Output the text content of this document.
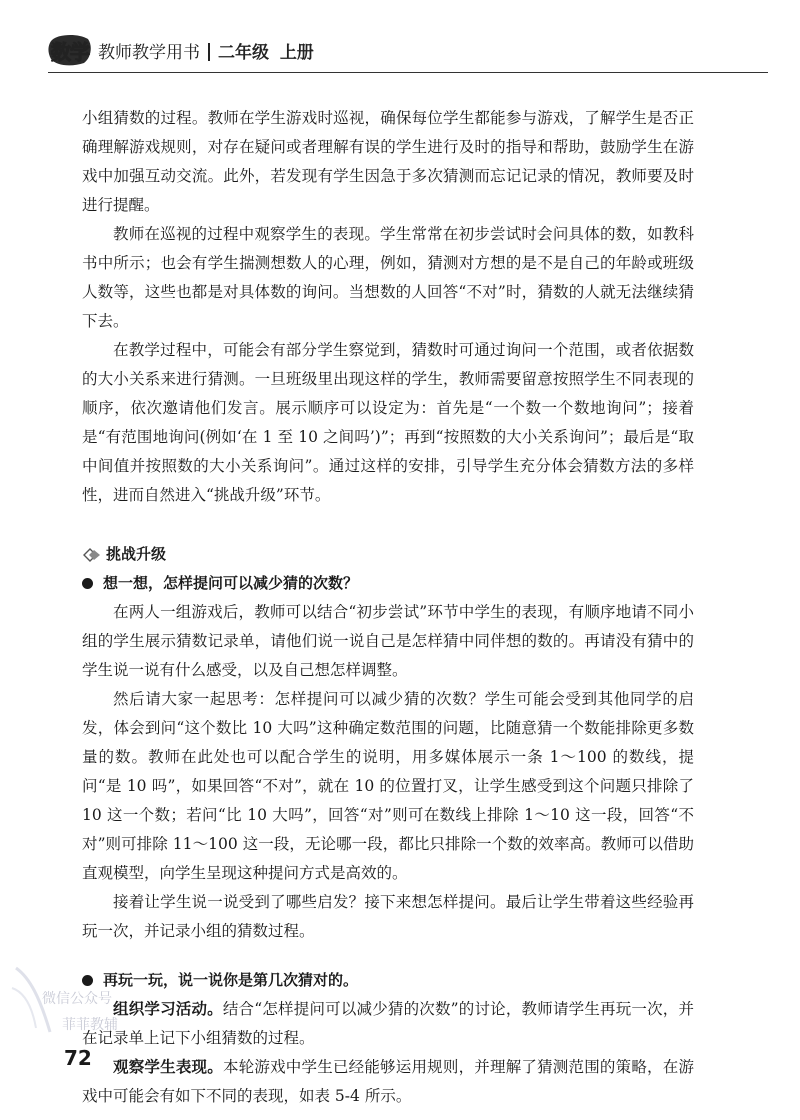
数学 教师教学用书 二年级 上册

小组猜数的过程。教师在学生游戏时巡视，确保每位学生都能参与游戏，了解学生是否正确理解游戏规则，对存在疑问或者理解有误的学生进行及时的指导和帮助，鼓励学生在游戏中加强互动交流。此外，若发现有学生因急于多次猜测而忘记记录的情况，教师要及时进行提醒。

教师在巡视的过程中观察学生的表现。学生常常在初步尝试时会问具体的数，如教科书中所示；也会有学生揣测想数人的心理，例如，猜测对方想的是不是自己的年龄或班级人数等，这些也都是对具体数的询问。当想数的人回答“不对”时，猜数的人就无法继续猜下去。

在教学过程中，可能会有部分学生察觉到，猜数时可通过询问一个范围，或者依据数的大小关系来进行猜测。一旦班级里出现这样的学生，教师需要留意按照学生不同表现的顺序，依次邀请他们发言。展示顺序可以设定为：首先是“一个数一个数地询问”；接着是“有范围地询问(例如‘在 1 至 10 之间吗’)”；再到“按照数的大小关系询问”；最后是“取中间值并按照数的大小关系询问”。通过这样的安排，引导学生充分体会猜数方法的多样性，进而自然进入“挑战升级”环节。

挑战升级
想一想，怎样提问可以减少猜的次数？

在两人一组游戏后，教师可以结合“初步尝试”环节中学生的表现，有顺序地请不同小组的学生展示猜数记录单，请他们说一说自己是怎样猜中同伴想的数的。再请没有猜中的学生说一说有什么感受，以及自己想怎样调整。

然后请大家一起思考：怎样提问可以减少猜的次数？学生可能会受到其他同学的启发，体会到问“这个数比 10 大吗”这种确定数范围的问题，比随意猜一个数能排除更多数量的数。教师在此处也可以配合学生的说明，用多媒体展示一条 1～100 的数线，提问“是 10 吗”，如果回答“不对”，就在 10 的位置打叉，让学生感受到这个问题只排除了 10 这一个数；若问“比 10 大吗”，回答“对”则可在数线上排除 1～10 这一段，回答“不对”则可排除 11～100 这一段，无论哪一段，都比只排除一个数的效率高。教师可以借助直观模型，向学生呈现这种提问方式是高效的。

接着让学生说一说受到了哪些启发？接下来想怎样提问。最后让学生带着这些经验再玩一次，并记录小组的猜数过程。

再玩一玩，说一说你是第几次猜对的。

组织学习活动。结合“怎样提问可以减少猜的次数”的讨论，教师请学生再玩一次，并在记录单上记下小组猜数的过程。

观察学生表现。本轮游戏中学生已经能够运用规则，并理解了猜测范围的策略，在游戏中可能会有如下不同的表现，如表 5-4 所示。

微信公众号
菲菲教辅
72
